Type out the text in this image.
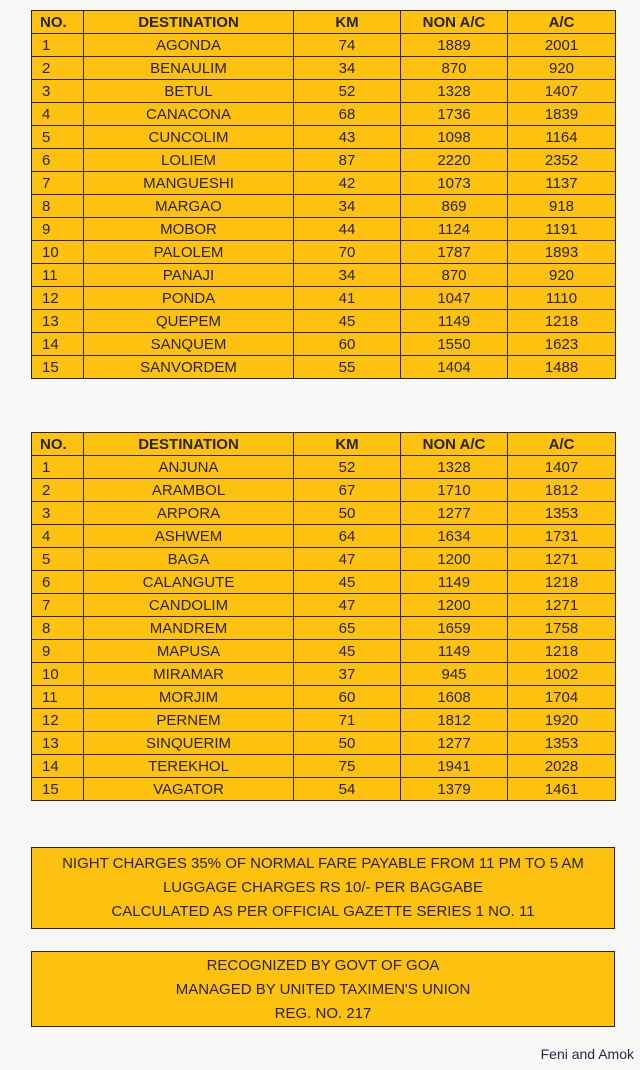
NO.	DESTINATION	KM	NON A/C	A/C
1	AGONDA	74	1889	2001
2	BENAULIM	34	870	920
3	BETUL	52	1328	1407
4	CANACONA	68	1736	1839
5	CUNCOLIM	43	1098	1164
6	LOLIEM	87	2220	2352
7	MANGUESHI	42	1073	1137
8	MARGAO	34	869	918
9	MOBOR	44	1124	1191
10	PALOLEM	70	1787	1893
11	PANAJI	34	870	920
12	PONDA	41	1047	1110
13	QUEPEM	45	1149	1218
14	SANQUEM	60	1550	1623
15	SANVORDEM	55	1404	1488
NO.	DESTINATION	KM	NON A/C	A/C
1	ANJUNA	52	1328	1407
2	ARAMBOL	67	1710	1812
3	ARPORA	50	1277	1353
4	ASHWEM	64	1634	1731
5	BAGA	47	1200	1271
6	CALANGUTE	45	1149	1218
7	CANDOLIM	47	1200	1271
8	MANDREM	65	1659	1758
9	MAPUSA	45	1149	1218
10	MIRAMAR	37	945	1002
11	MORJIM	60	1608	1704
12	PERNEM	71	1812	1920
13	SINQUERIM	50	1277	1353
14	TEREKHOL	75	1941	2028
15	VAGATOR	54	1379	1461
NIGHT CHARGES 35% OF NORMAL FARE PAYABLE FROM 11 PM TO 5 AM
LUGGAGE CHARGES RS 10/- PER BAGGABE
CALCULATED AS PER OFFICIAL GAZETTE SERIES 1 NO. 11
RECOGNIZED BY GOVT OF GOA
MANAGED BY UNITED TAXIMEN'S UNION
REG. NO. 217
Feni and Amok
